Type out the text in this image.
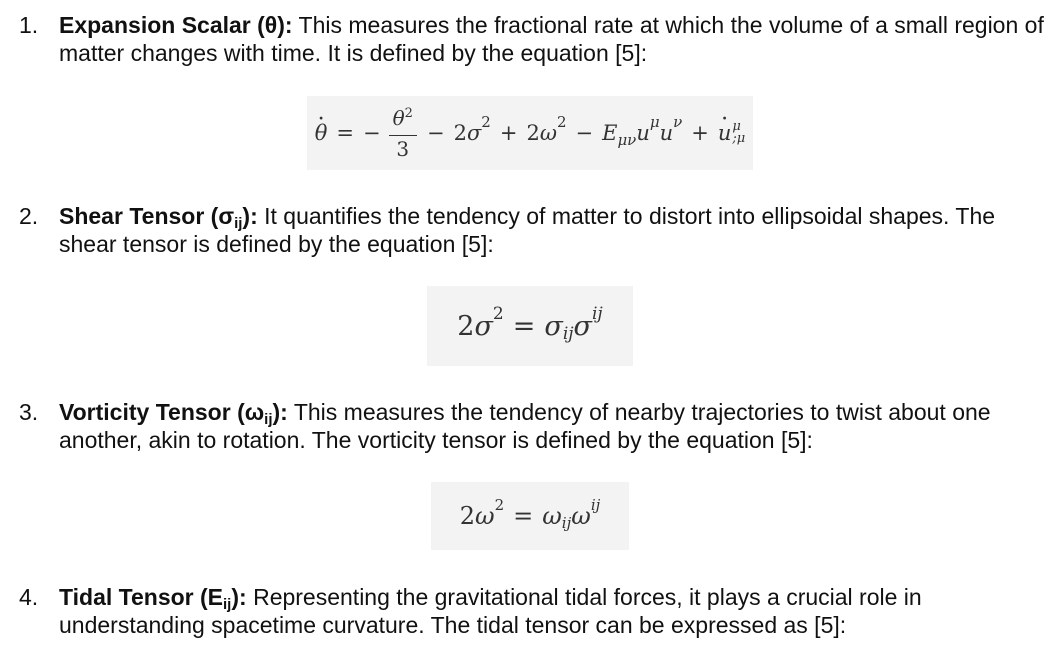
1. Expansion Scalar (θ): This measures the fractional rate at which the volume of a small region of matter changes with time. It is defined by the equation [5]:
· θ = − $\frac{\theta^2}{3} - 2$ σ 2 + 2 ω 2 − E μν u μ u ν +
· u μ
;μ
2. Shear Tensor $(\sigma_{ij})$: It quantifies the tendency of matter to distort into ellipsoidal shapes. The shear tensor is defined by the equation [5]:
2 σ 2 = σ ij σ ij
3. Vorticity Tensor $(\omega_{ij})$: This measures the tendency of nearby trajectories to twist about one another, akin to rotation. The vorticity tensor is defined by the equation [5]:
2 ω 2 = ω ij ω ij
4. Tidal Tensor $(E_{ij})$: Representing the gravitational tidal forces, it plays a crucial role in understanding spacetime curvature. The tidal tensor can be expressed as [5]:
